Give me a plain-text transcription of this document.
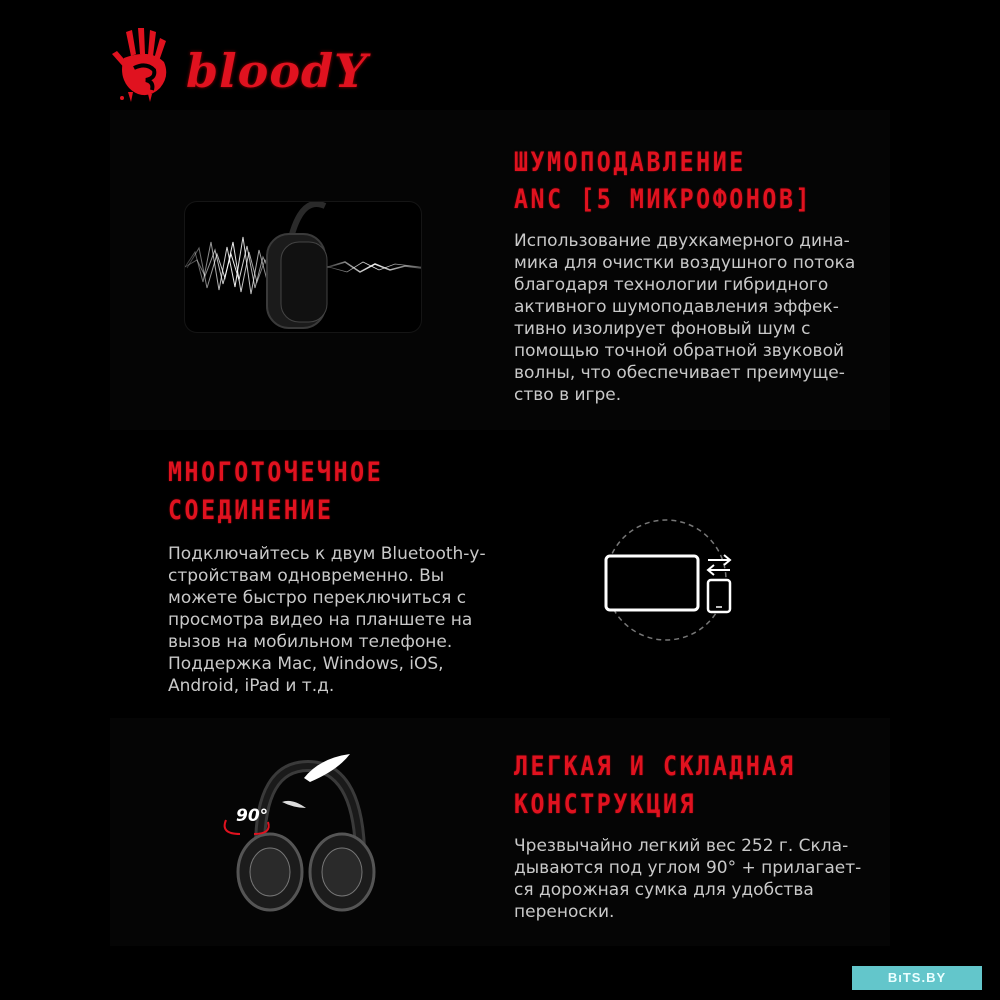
bloodY
ШУМОПОДАВЛЕНИЕ
ANC [5 МИКРОФОНОВ]
Использование двухкамерного дина-
мика для очистки воздушного потока
благодаря технологии гибридного
активного шумоподавления эффек-
тивно изолирует фоновый шум с
помощью точной обратной звуковой
волны, что обеспечивает преимуще-
ство в игре.
МНОГОТОЧЕЧНОЕ
СОЕДИНЕНИЕ
Подключайтесь к двум Bluetooth-у-
стройствам одновременно. Вы
можете быстро переключиться с
просмотра видео на планшете на
вызов на мобильном телефоне.
Поддержка Mac, Windows, iOS,
Android, iPad и т.д.
90°
ЛЕГКАЯ И СКЛАДНАЯ
КОНСТРУКЦИЯ
Чрезвычайно легкий вес 252 г. Скла-
дываются под углом 90° + прилагает-
ся дорожная сумка для удобства
переноски.
BıTS.BY
